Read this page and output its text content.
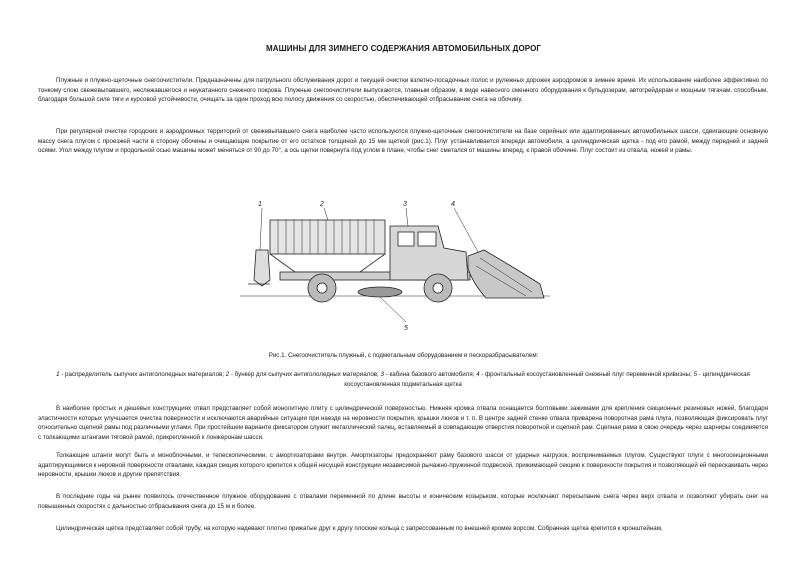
МАШИНЫ ДЛЯ ЗИМНЕГО СОДЕРЖАНИЯ АВТОМОБИЛЬНЫХ ДОРОГ

Плужные и плужно-щеточные снегоочистители. Предназначены для патрульного обслуживания дорог и текущей очистки взлетно-посадочных полос и рулежных дорожек аэродромов в зимнее время. Их использование наиболее эффективно по тонкому слою свежевыпавшего, неслежавшегося и неукатанного снежного покрова. Плужные снегоочистители выпускаются, главным образом, в виде навесного сменного оборудования к бульдозерам, автогрейдерам и мощным тягачам, способным, благодаря большой силе тяги и курсовой устойчивости, очищать за один проход всю полосу движения со скоростью, обеспечивающей отбрасывание снега на обочину.

При регулярной очистке городских и аэродромных территорий от свежевыпавшего снега наиболее часто используются плужно-щеточные снегоочистители на базе серийных или адаптированных автомобильных шасси, сдвигающие основную массу снега плугом с проезжей части в сторону обочины и очищающие покрытие от его остатков толщиной до 15 мм щеткой (рис.1). Плуг устанавливается впереди автомобиля, а цилиндрическая щетка - под его рамой, между передней и задней осями. Угол между плугом и продольной осью машины может меняться от 90 до 70°, а ось щетки повернута под углом в плане, чтобы снег сметался от машины вперед, к правой обочине. Плуг состоит из отвала, ножей и рамы.

1	2	3	4
5
Рис.1. Снегоочиститель плужный, с подметальным оборудованием и пескоразбрасывателем:
1 - распределитель сыпучих антигололедных материалов; 2 - бункер для сыпучих антигололедных материалов; 3 - кабина базового автомобиля; 4 - фронтальный косоустановленный снежный плуг переменной кривизны; 5 - цилиндрическая косоустановленная подметальная щетка

В наиболее простых и дешевых конструкциях отвал представляет собой монолитную плиту с цилиндрической поверхностью. Нижняя кромка отвала оснащается болтовыми зажимами для крепления секционных резиновых ножей, благодаря эластичности которых улучшается очистка поверхности и исключаются аварийные ситуации при наезде на неровности покрытия, крышки люков и т. п. В центре задней стенке отвала приварена поворотная рама плуга, позволяющая фиксировать плуг относительно сцепной рамы под различными углами. При простейшем варианте фиксатором служит металлический палец, вставляемый в совпадающие отверстия поворотной и сцепной рам. Сцепная рама в свою очередь через шарниры соединяется с толкающими штангами тяговой рамой, прикрепленной к лонжеронам шасси.

Толкающие штанги могут быть и моноблочными, и телескопическими, с амортизаторами внутри. Амортизаторы предохраняют раму базового шасси от ударных нагрузок, воспринимаемых плугом. Существуют плуги с многосекционными адаптирующимися к неровной поверхности отвалами, каждая секция которого крепится к общей несущей конструкции независимой рычажно-пружинной подвеской, прижимающей секцию к поверхности покрытия и позволяющей ей перескакивать через неровности, крышки люков и другие препятствия.

В последние годы на рынке появилось отечественное плужное оборудование с отвалами переменной по длине высоты и коническим козырьком, которые исключают пересыпание снега через верх отвала и позволяют убирать снег на повышенных скоростях с дальностью отбрасывания снега до 15 м и более.

Цилиндрическая щетка представляет собой трубу, на которую надевают плотно прижатые друг к другу плоские кольца с запрессованным по внешней кромке ворсом. Собранная щетка крепится к кронштейнам,
